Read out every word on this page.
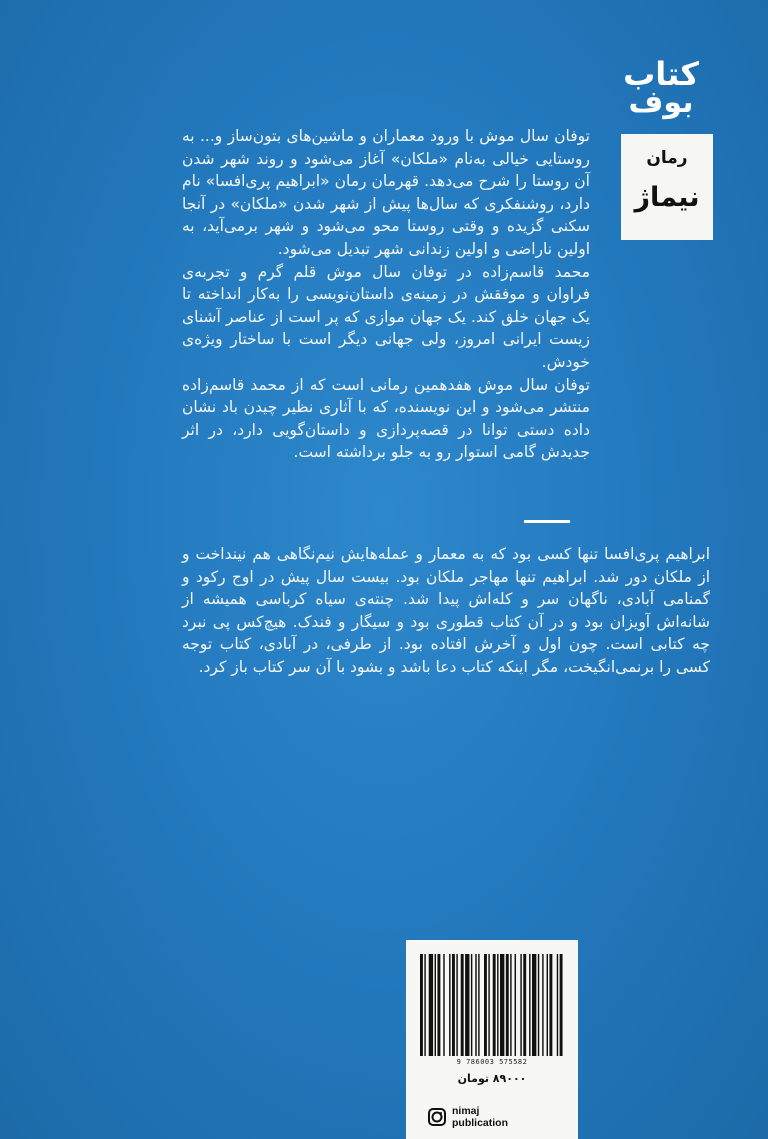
کتاب
بوف
رمان
نیماژ

توفان سال موش با ورود معماران و ماشین‌های بتون‌ساز و... به روستایی خیالی به‌نام «ملکان» آغاز می‌شود و روند شهر شدن آن روستا را شرح می‌دهد. قهرمان رمان «ابراهیم پری‌افسا» نام دارد، روشنفکری که سال‌ها پیش از شهر شدن «ملکان» در آنجا سکنی گزیده و وقتی روستا محو می‌شود و شهر برمی‌آید، به اولین ناراضی و اولین زندانی شهر تبدیل می‌شود.

محمد قاسم‌زاده در توفان سال موش قلم گرم و تجربه‌ی فراوان و موفقش در زمینه‌ی داستان‌نویسی را به‌کار انداخته تا یک جهان خلق کند. یک جهان موازی که پر است از عناصر آشنای زیست ایرانی امروز، ولی جهانی دیگر است با ساختار ویژه‌ی خودش.

توفان سال موش هفدهمین رمانی است که از محمد قاسم‌زاده منتشر می‌شود و این نویسنده، که با آثاری نظیر چیدن باد نشان داده دستی توانا در قصه‌پردازی و داستان‌گویی دارد، در اثر جدیدش گامی استوار رو به جلو برداشته است.

ابراهیم پری‌افسا تنها کسی بود که به معمار و عمله‌هایش نیم‌نگاهی هم نینداخت و از ملکان دور شد. ابراهیم تنها مهاجر ملکان بود. بیست سال پیش در اوج رکود و گمنامی آبادی، ناگهان سر و کله‌اش پیدا شد. چنته‌ی سیاه کرباسی همیشه از شانه‌اش آویزان بود و در آن کتاب قطوری بود و سیگار و فندک. هیچ‌کس پی نبرد چه کتابی است. چون اول و آخرش افتاده بود. از طرفی، در آبادی، کتاب توجه کسی را برنمی‌انگیخت، مگر اینکه کتاب دعا باشد و بشود با آن سر کتاب باز کرد.

9 786003 575582
۸۹۰۰۰ تومان
nimaj
publication
